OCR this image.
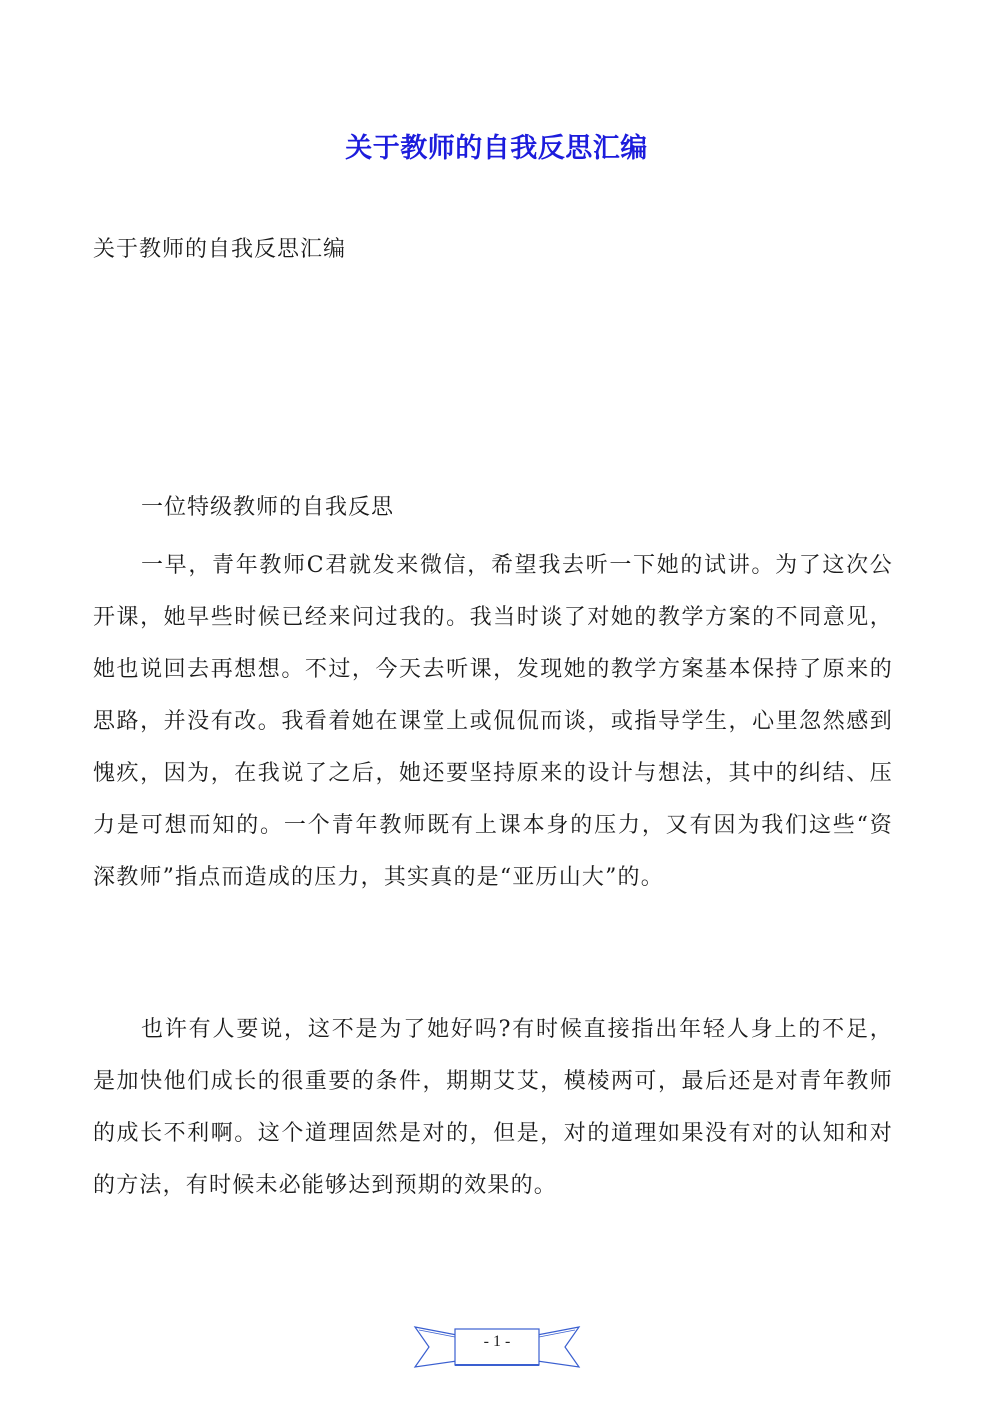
关于教师的自我反思汇编
关于教师的自我反思汇编
一位特级教师的自我反思

一早，青年教师C君就发来微信，希望我去听一下她的试讲。为了这次公开课，她早些时候已经来问过我的。我当时谈了对她的教学方案的不同意见，她也说回去再想想。不过，今天去听课，发现她的教学方案基本保持了原来的思路，并没有改。我看着她在课堂上或侃侃而谈，或指导学生，心里忽然感到愧疚，因为，在我说了之后，她还要坚持原来的设计与想法，其中的纠结、压力是可想而知的。一个青年教师既有上课本身的压力，又有因为我们这些“资深教师”指点而造成的压力，其实真的是“亚历山大”的。

也许有人要说，这不是为了她好吗?有时候直接指出年轻人身上的不足，是加快他们成长的很重要的条件，期期艾艾，模棱两可，最后还是对青年教师的成长不利啊。这个道理固然是对的，但是，对的道理如果没有对的认知和对的方法，有时候未必能够达到预期的效果的。

- 1 -
